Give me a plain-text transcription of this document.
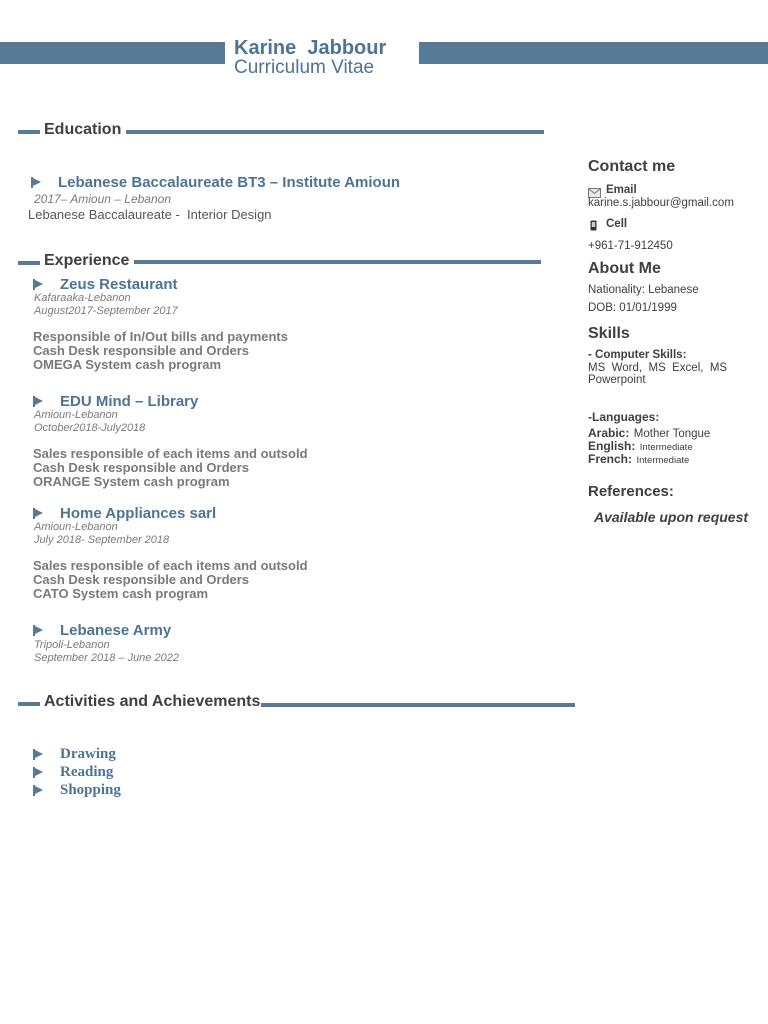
Karine  Jabbour
Curriculum Vitae
Education
Lebanese Baccalaureate BT3 – Institute Amioun
2017– Amioun – Lebanon
Lebanese Baccalaureate -  Interior Design
Experience
Zeus Restaurant
Kafaraaka-Lebanon
August2017-September 2017
Responsible of In/Out bills and payments
Cash Desk responsible and Orders
OMEGA System cash program
EDU Mind – Library
Amioun-Lebanon
October2018-July2018
Sales responsible of each items and outsold
Cash Desk responsible and Orders
ORANGE System cash program
Home Appliances sarl
Amioun-Lebanon
July 2018- September 2018
Sales responsible of each items and outsold
Cash Desk responsible and Orders
CATO System cash program
Lebanese Army
Tripoli-Lebanon
September 2018 – June 2022
Activities and Achievements
Drawing
Reading
Shopping
Contact me
Email
karine.s.jabbour@gmail.com
Cell
+961-71-912450
About Me
Nationality: Lebanese
DOB: 01/01/1999
Skills
- Computer Skills:
MS  Word,  MS  Excel,  MS
Powerpoint
-Languages:
Arabic: Mother Tongue
English: Intermediate
French: Intermediate
References:
Available upon request
